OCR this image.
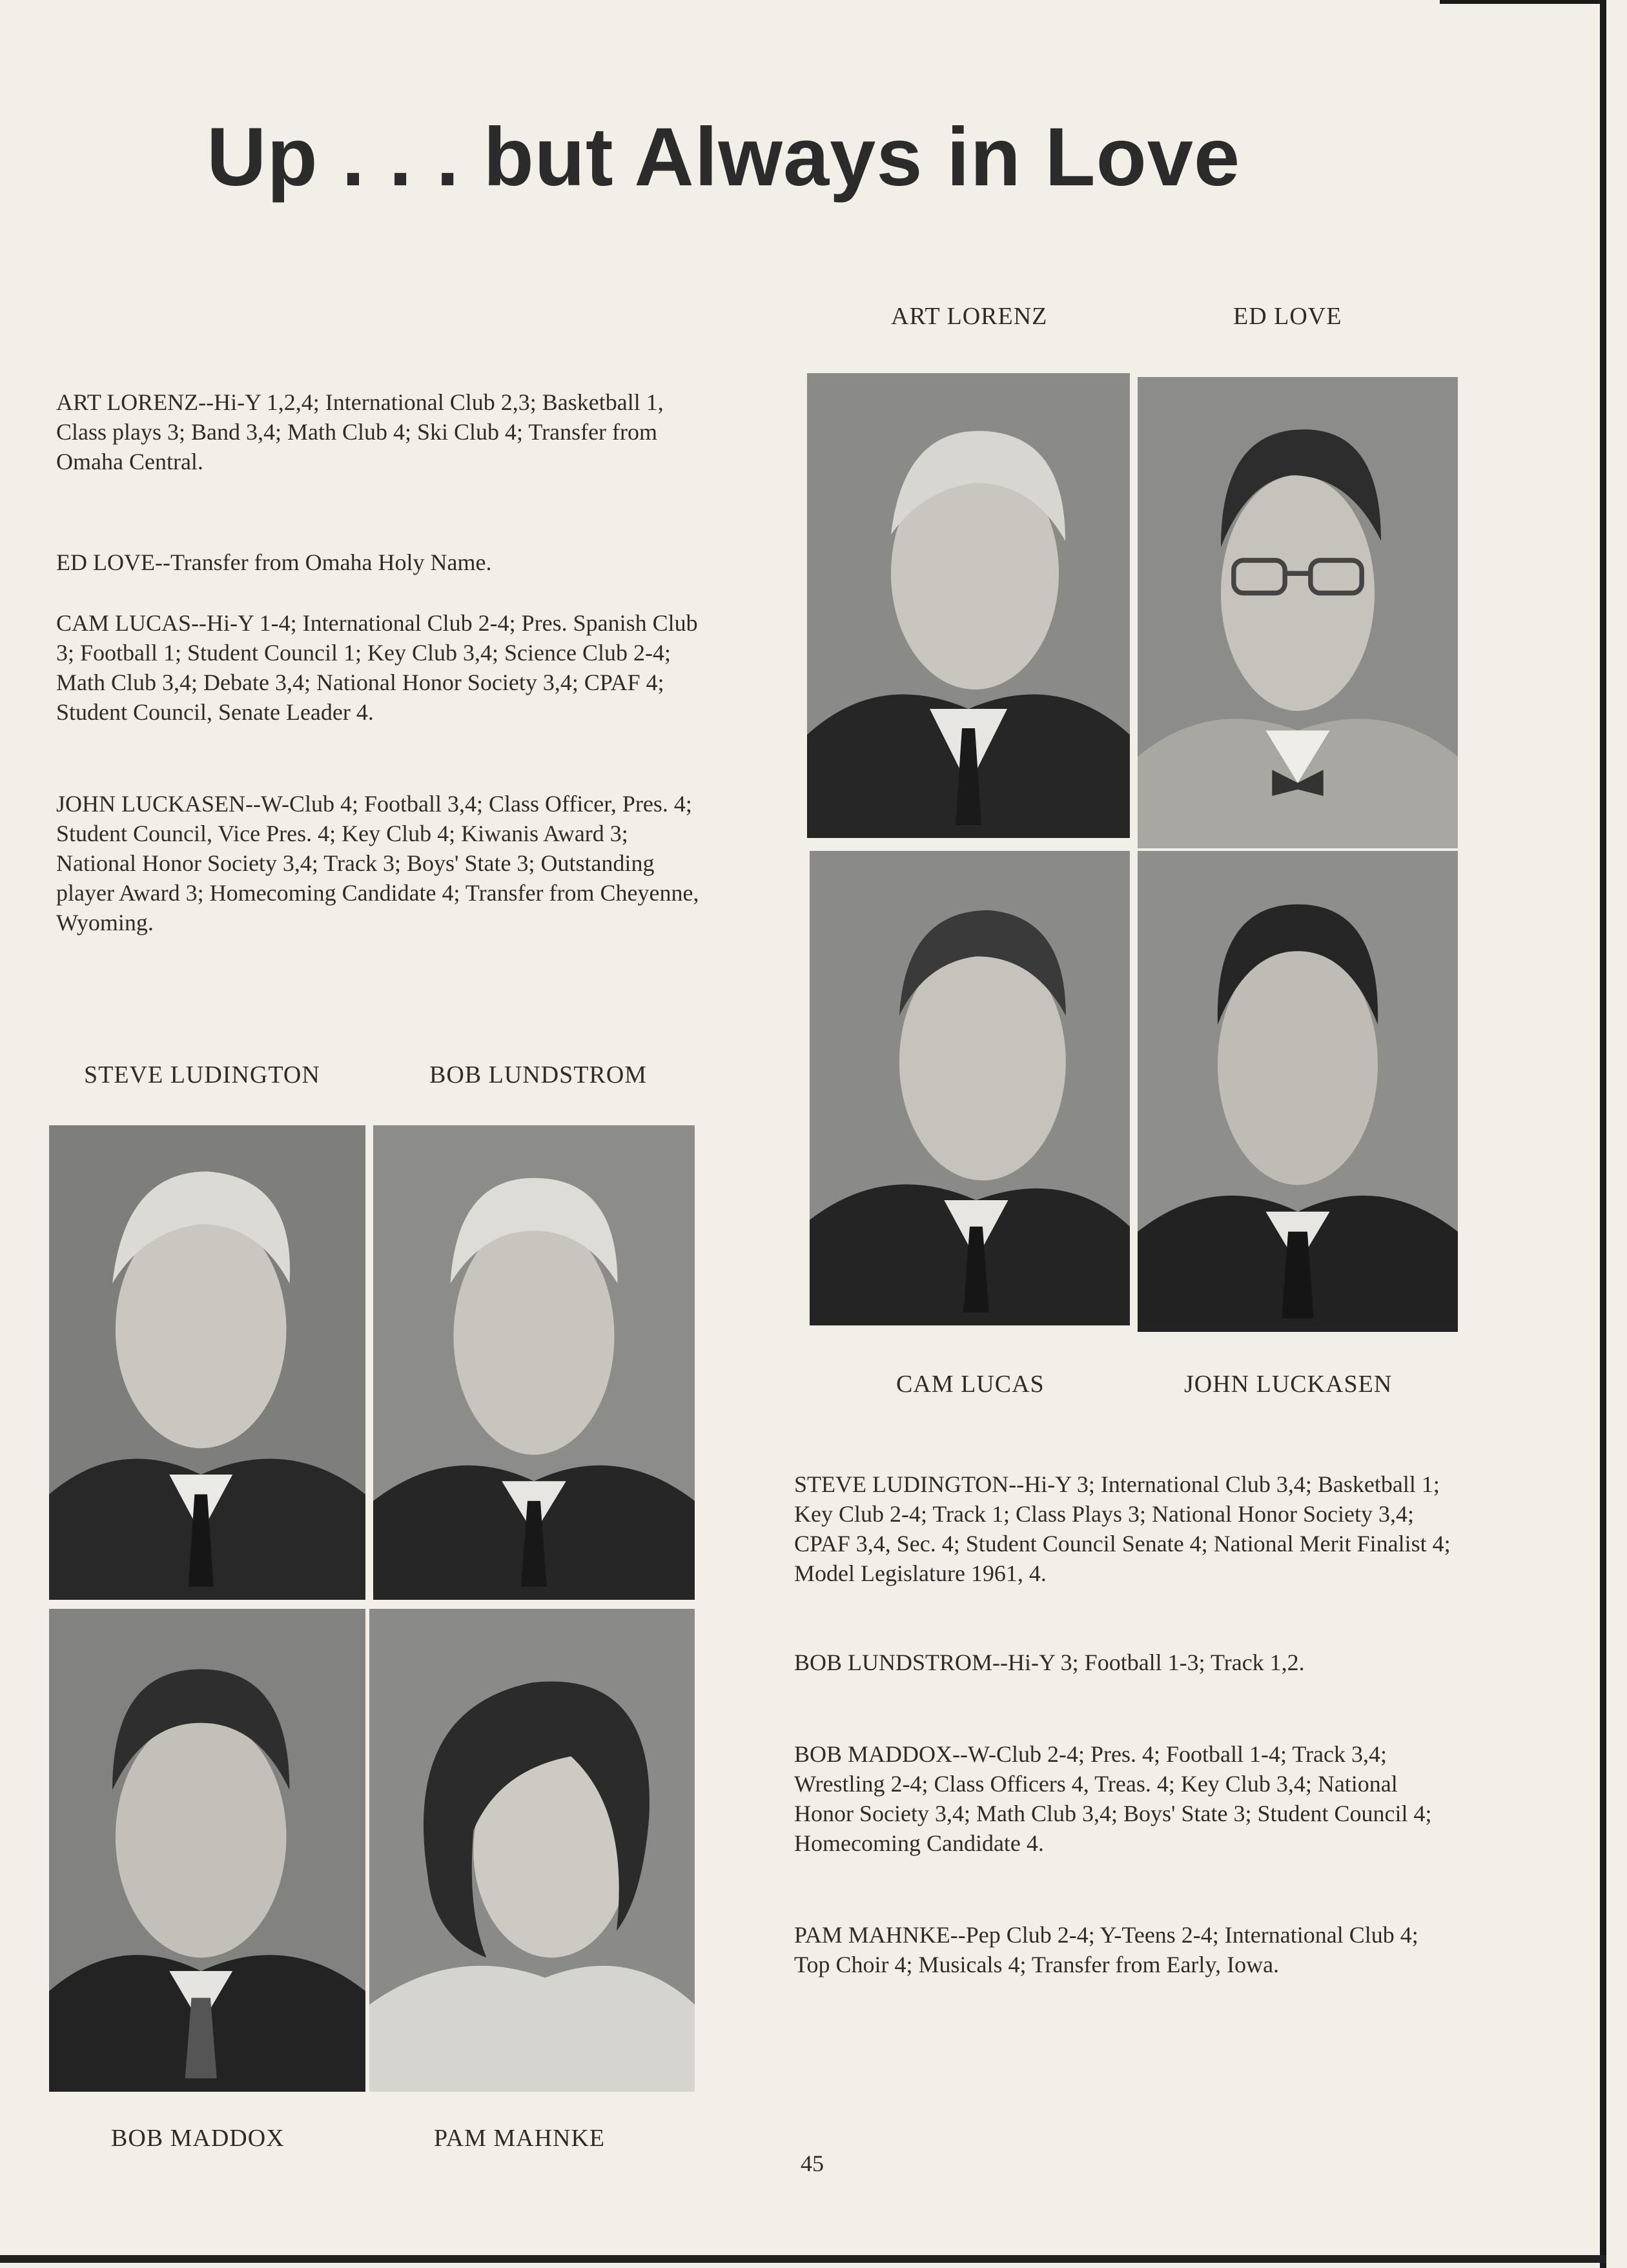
Up . . . but Always in Love
ART LORENZ	ED LOVE

ART LORENZ--Hi-Y 1,2,4; International Club 2,3; Basketball 1, Class plays 3; Band 3,4; Math Club 4; Ski Club 4; Transfer from Omaha Central.

ED LOVE--Transfer from Omaha Holy Name.

CAM LUCAS--Hi-Y 1-4; International Club 2-4; Pres. Spanish Club 3; Football 1; Student Council 1; Key Club 3,4; Science Club 2-4; Math Club 3,4; Debate 3,4; National Honor Society 3,4; CPAF 4; Student Council, Senate Leader 4.

JOHN LUCKASEN--W-Club 4; Football 3,4; Class Officer, Pres. 4; Student Council, Vice Pres. 4; Key Club 4; Kiwanis Award 3; National Honor Society 3,4; Track 3; Boys' State 3; Outstanding player Award 3; Homecoming Candidate 4; Transfer from Cheyenne, Wyoming.

CAM LUCAS	JOHN LUCKASEN
STEVE LUDINGTON	BOB LUNDSTROM
BOB MADDOX	PAM MAHNKE

STEVE LUDINGTON--Hi-Y 3; International Club 3,4; Basketball 1; Key Club 2-4; Track 1; Class Plays 3; National Honor Society 3,4; CPAF 3,4, Sec. 4; Student Council Senate 4; National Merit Finalist 4; Model Legislature 1961, 4.

BOB LUNDSTROM--Hi-Y 3; Football 1-3; Track 1,2.

BOB MADDOX--W-Club 2-4; Pres. 4; Football 1-4; Track 3,4; Wrestling 2-4; Class Officers 4, Treas. 4; Key Club 3,4; National Honor Society 3,4; Math Club 3,4; Boys' State 3; Student Council 4; Homecoming Candidate 4.

PAM MAHNKE--Pep Club 2-4; Y-Teens 2-4; International Club 4; Top Choir 4; Musicals 4; Transfer from Early, Iowa.

45
